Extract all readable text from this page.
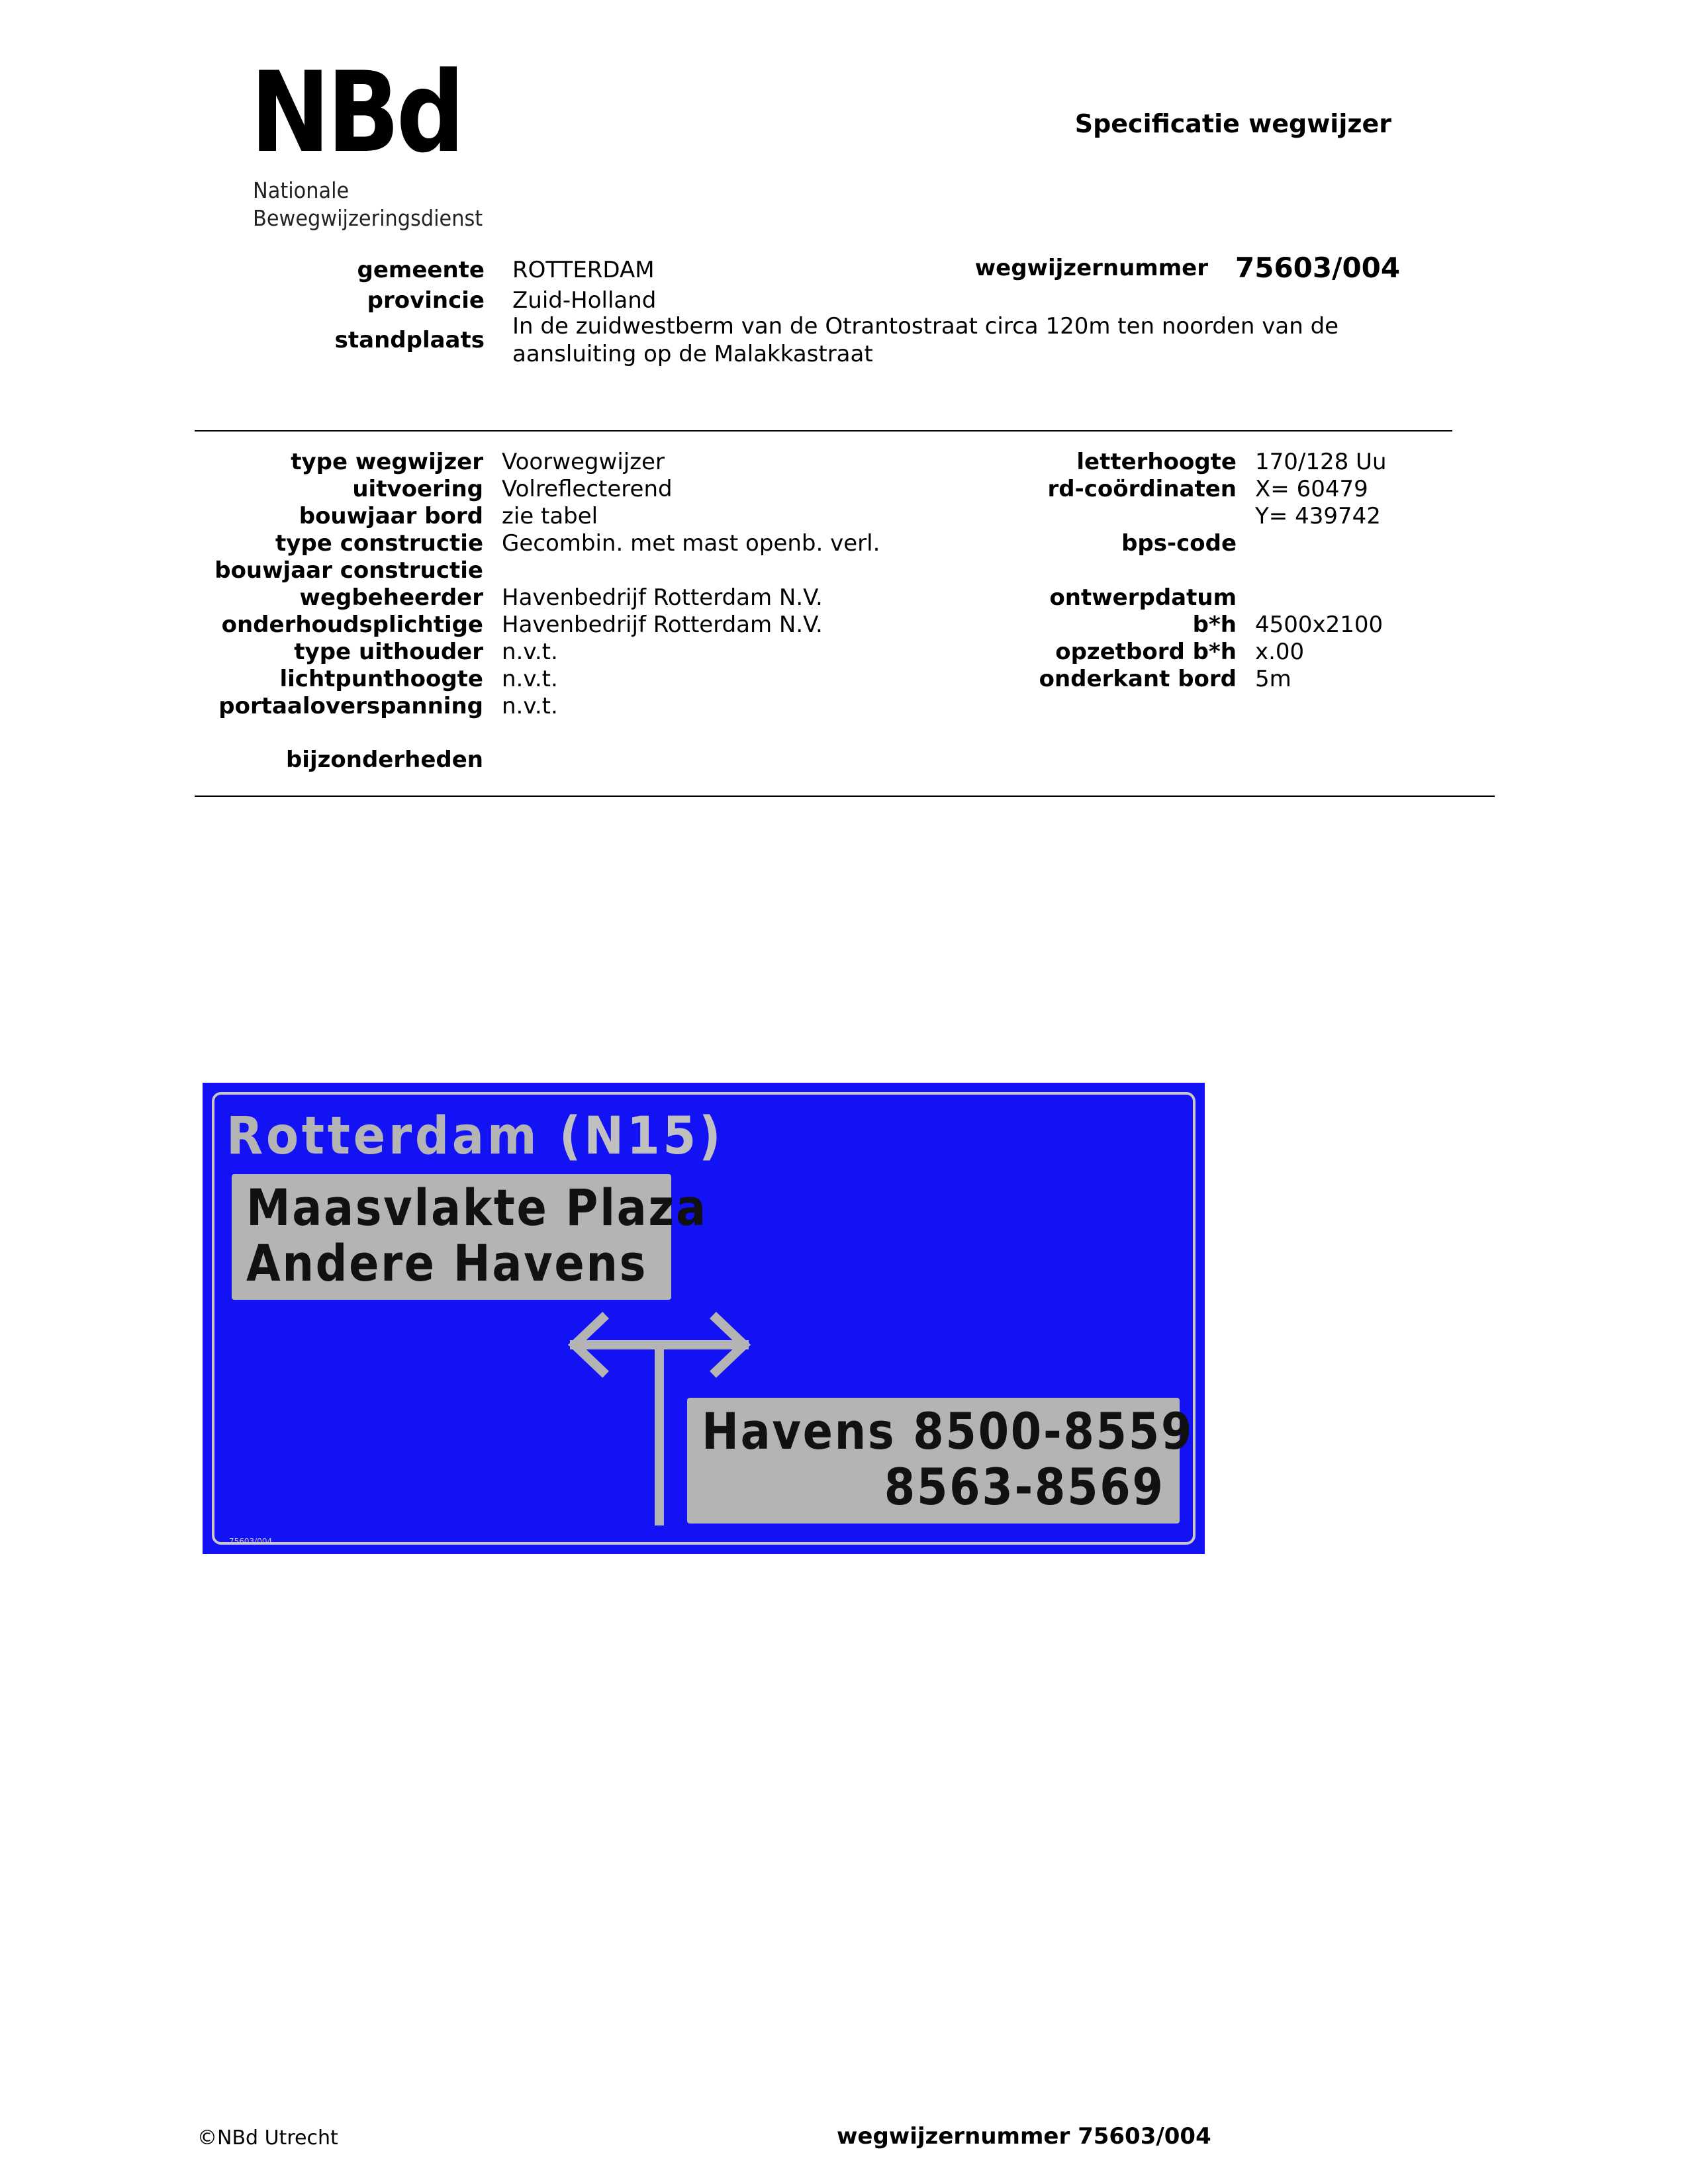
NBd
Nationale
Bewegwijzeringsdienst
Specificatie wegwijzer
gemeente ROTTERDAM
provincie Zuid-Holland
standplaats
In de zuidwestberm van de Otrantostraat circa 120m ten noorden van de aansluiting op de Malakkastraat
wegwijzernummer 75603/004
type wegwijzer Voorwegwijzer
uitvoering Volreflecterend
bouwjaar bord zie tabel
type constructie Gecombin. met mast openb. verl.
bouwjaar constructie
wegbeheerder Havenbedrijf Rotterdam N.V.
onderhoudsplichtige Havenbedrijf Rotterdam N.V.
type uithouder n.v.t.
lichtpunthoogte n.v.t.
portaaloverspanning n.v.t.
bijzonderheden
letterhoogte 170/128 Uu
rd-coördinaten X= 60479
Y= 439742
bps-code
ontwerpdatum
b*h 4500x2100
opzetbord b*h x.00
onderkant bord 5m
Rotterdam (N15)
Maasvlakte Plaza
Andere Havens
Havens 8500-8559
8563-8569
75603/004
©NBd Utrecht	wegwijzernummer 75603/004
